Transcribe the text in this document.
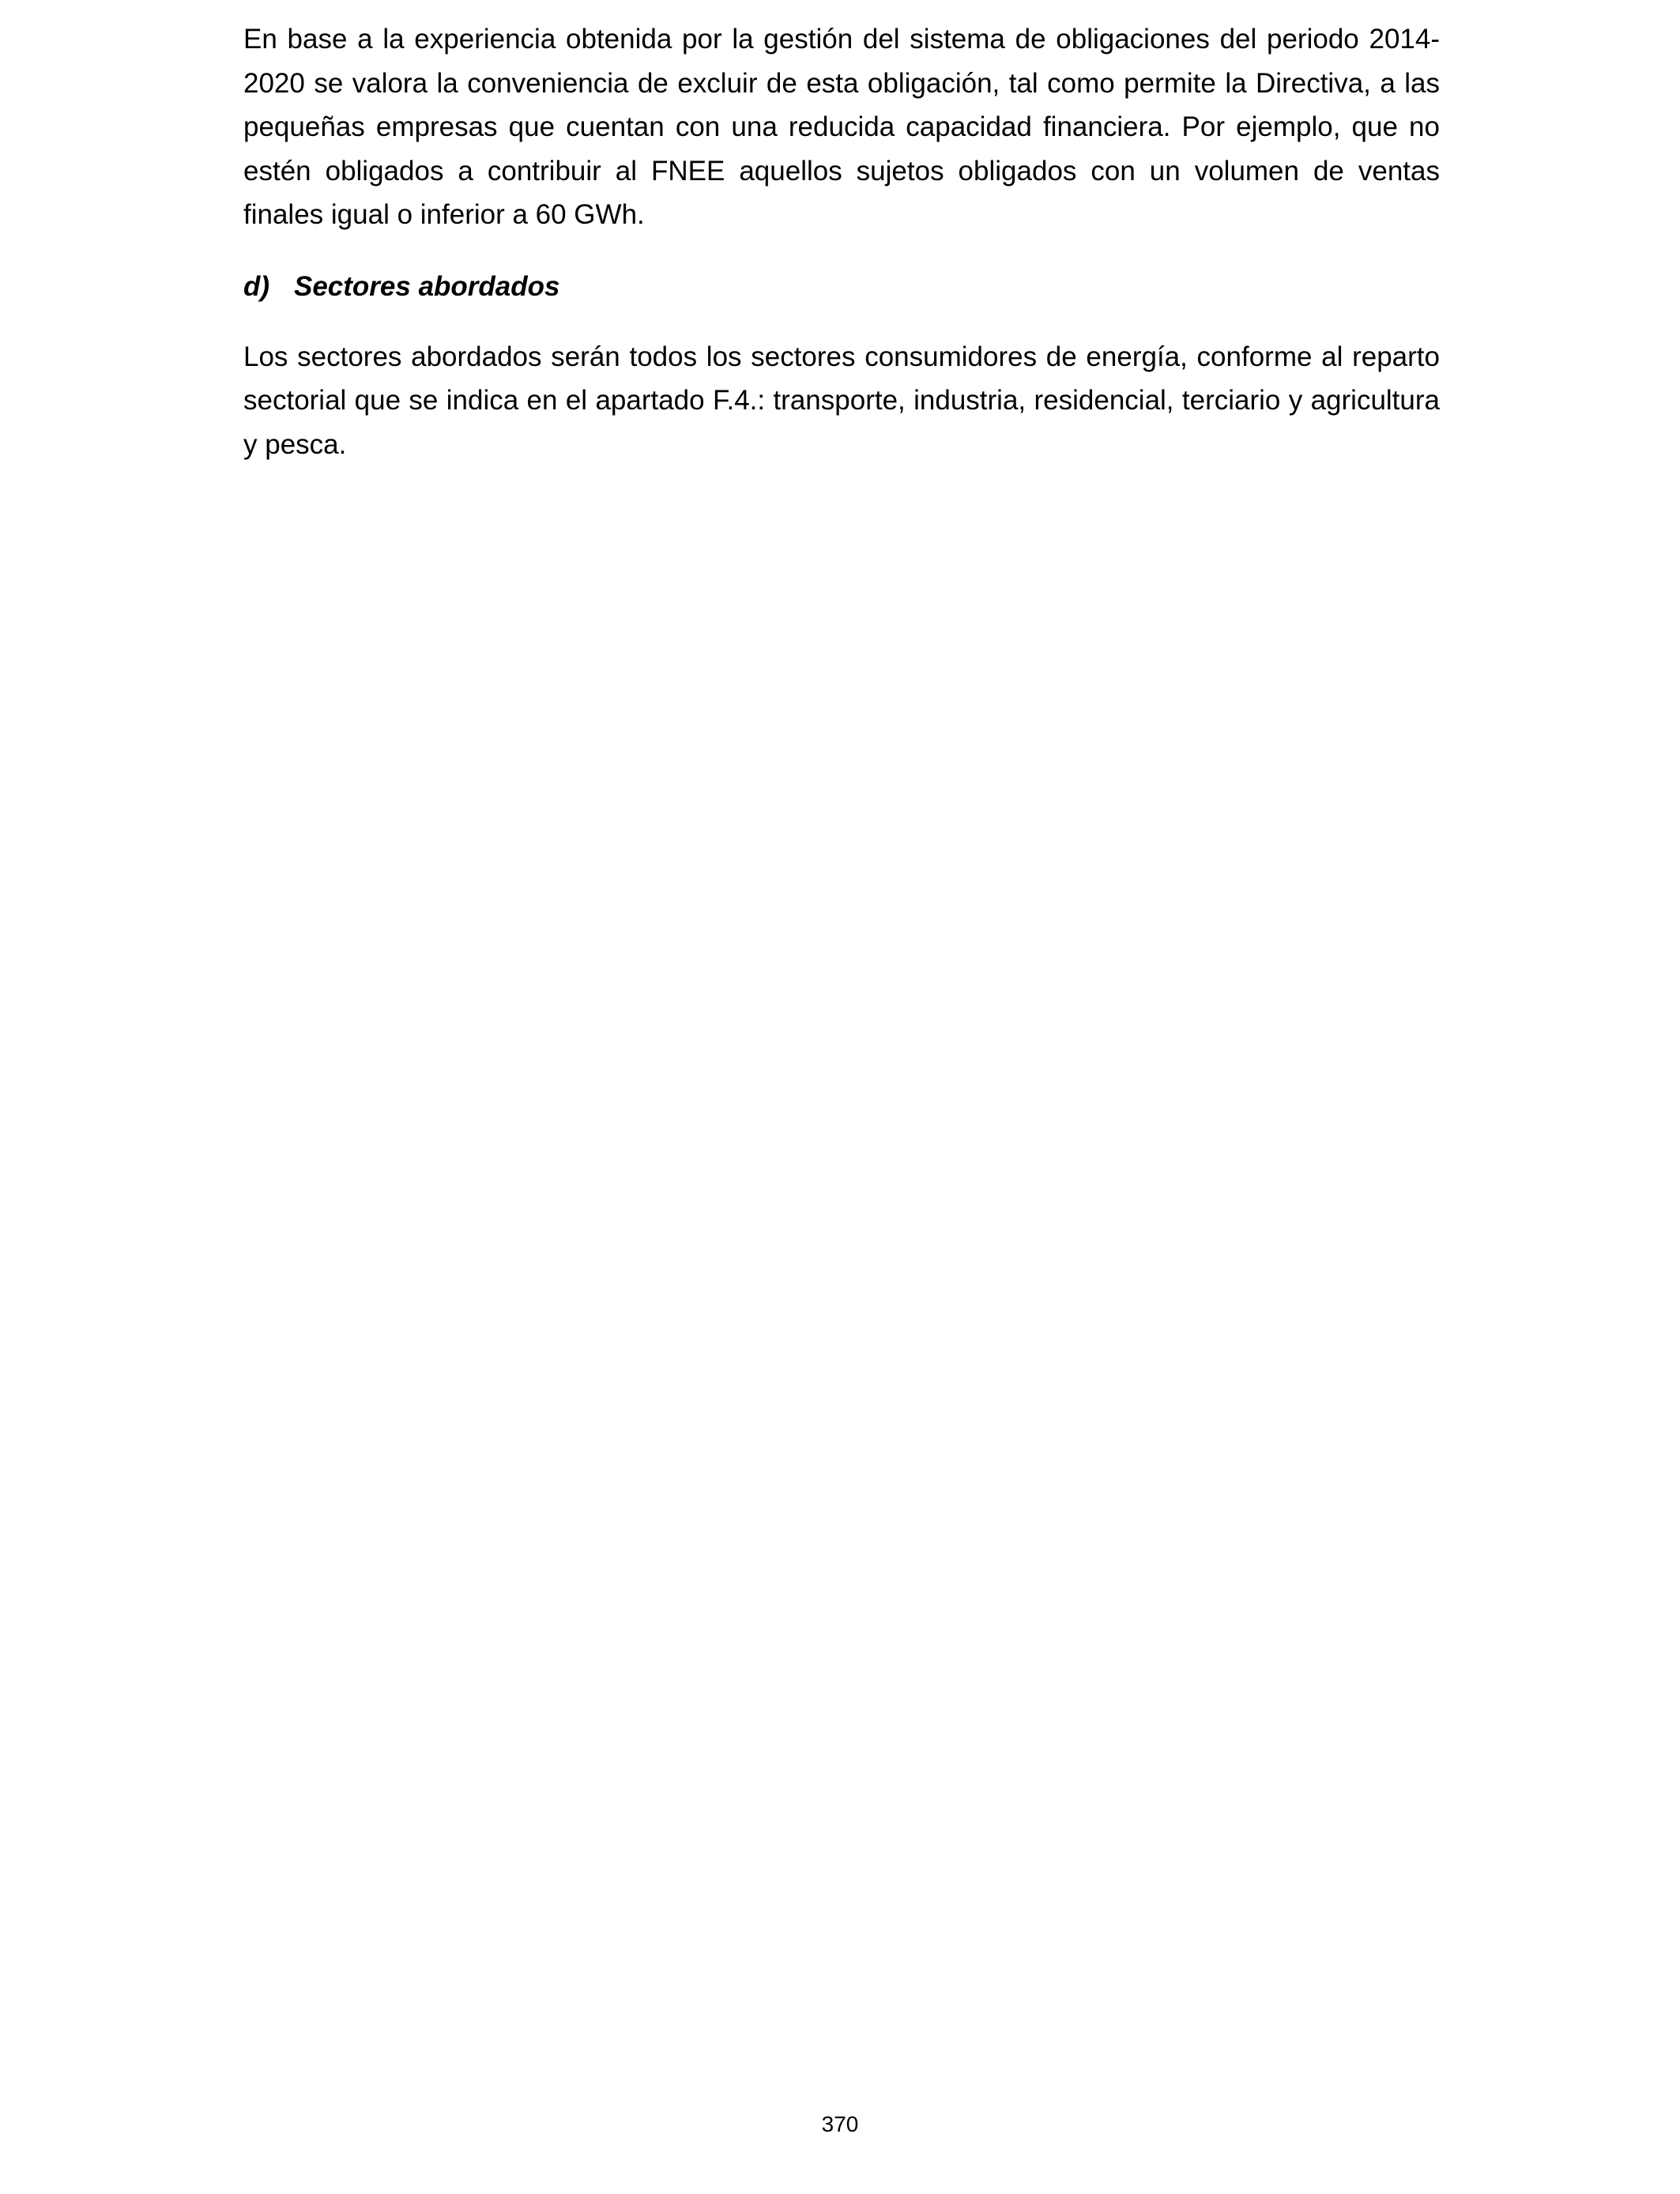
En base a la experiencia obtenida por la gestión del sistema de obligaciones del periodo 2014-2020 se valora la conveniencia de excluir de esta obligación, tal como permite la Directiva, a las pequeñas empresas que cuentan con una reducida capacidad financiera. Por ejemplo, que no estén obligados a contribuir al FNEE aquellos sujetos obligados con un volumen de ventas finales igual o inferior a 60 GWh.

d) Sectores abordados

Los sectores abordados serán todos los sectores consumidores de energía, conforme al reparto sectorial que se indica en el apartado F.4.: transporte, industria, residencial, terciario y agricultura y pesca.

370
